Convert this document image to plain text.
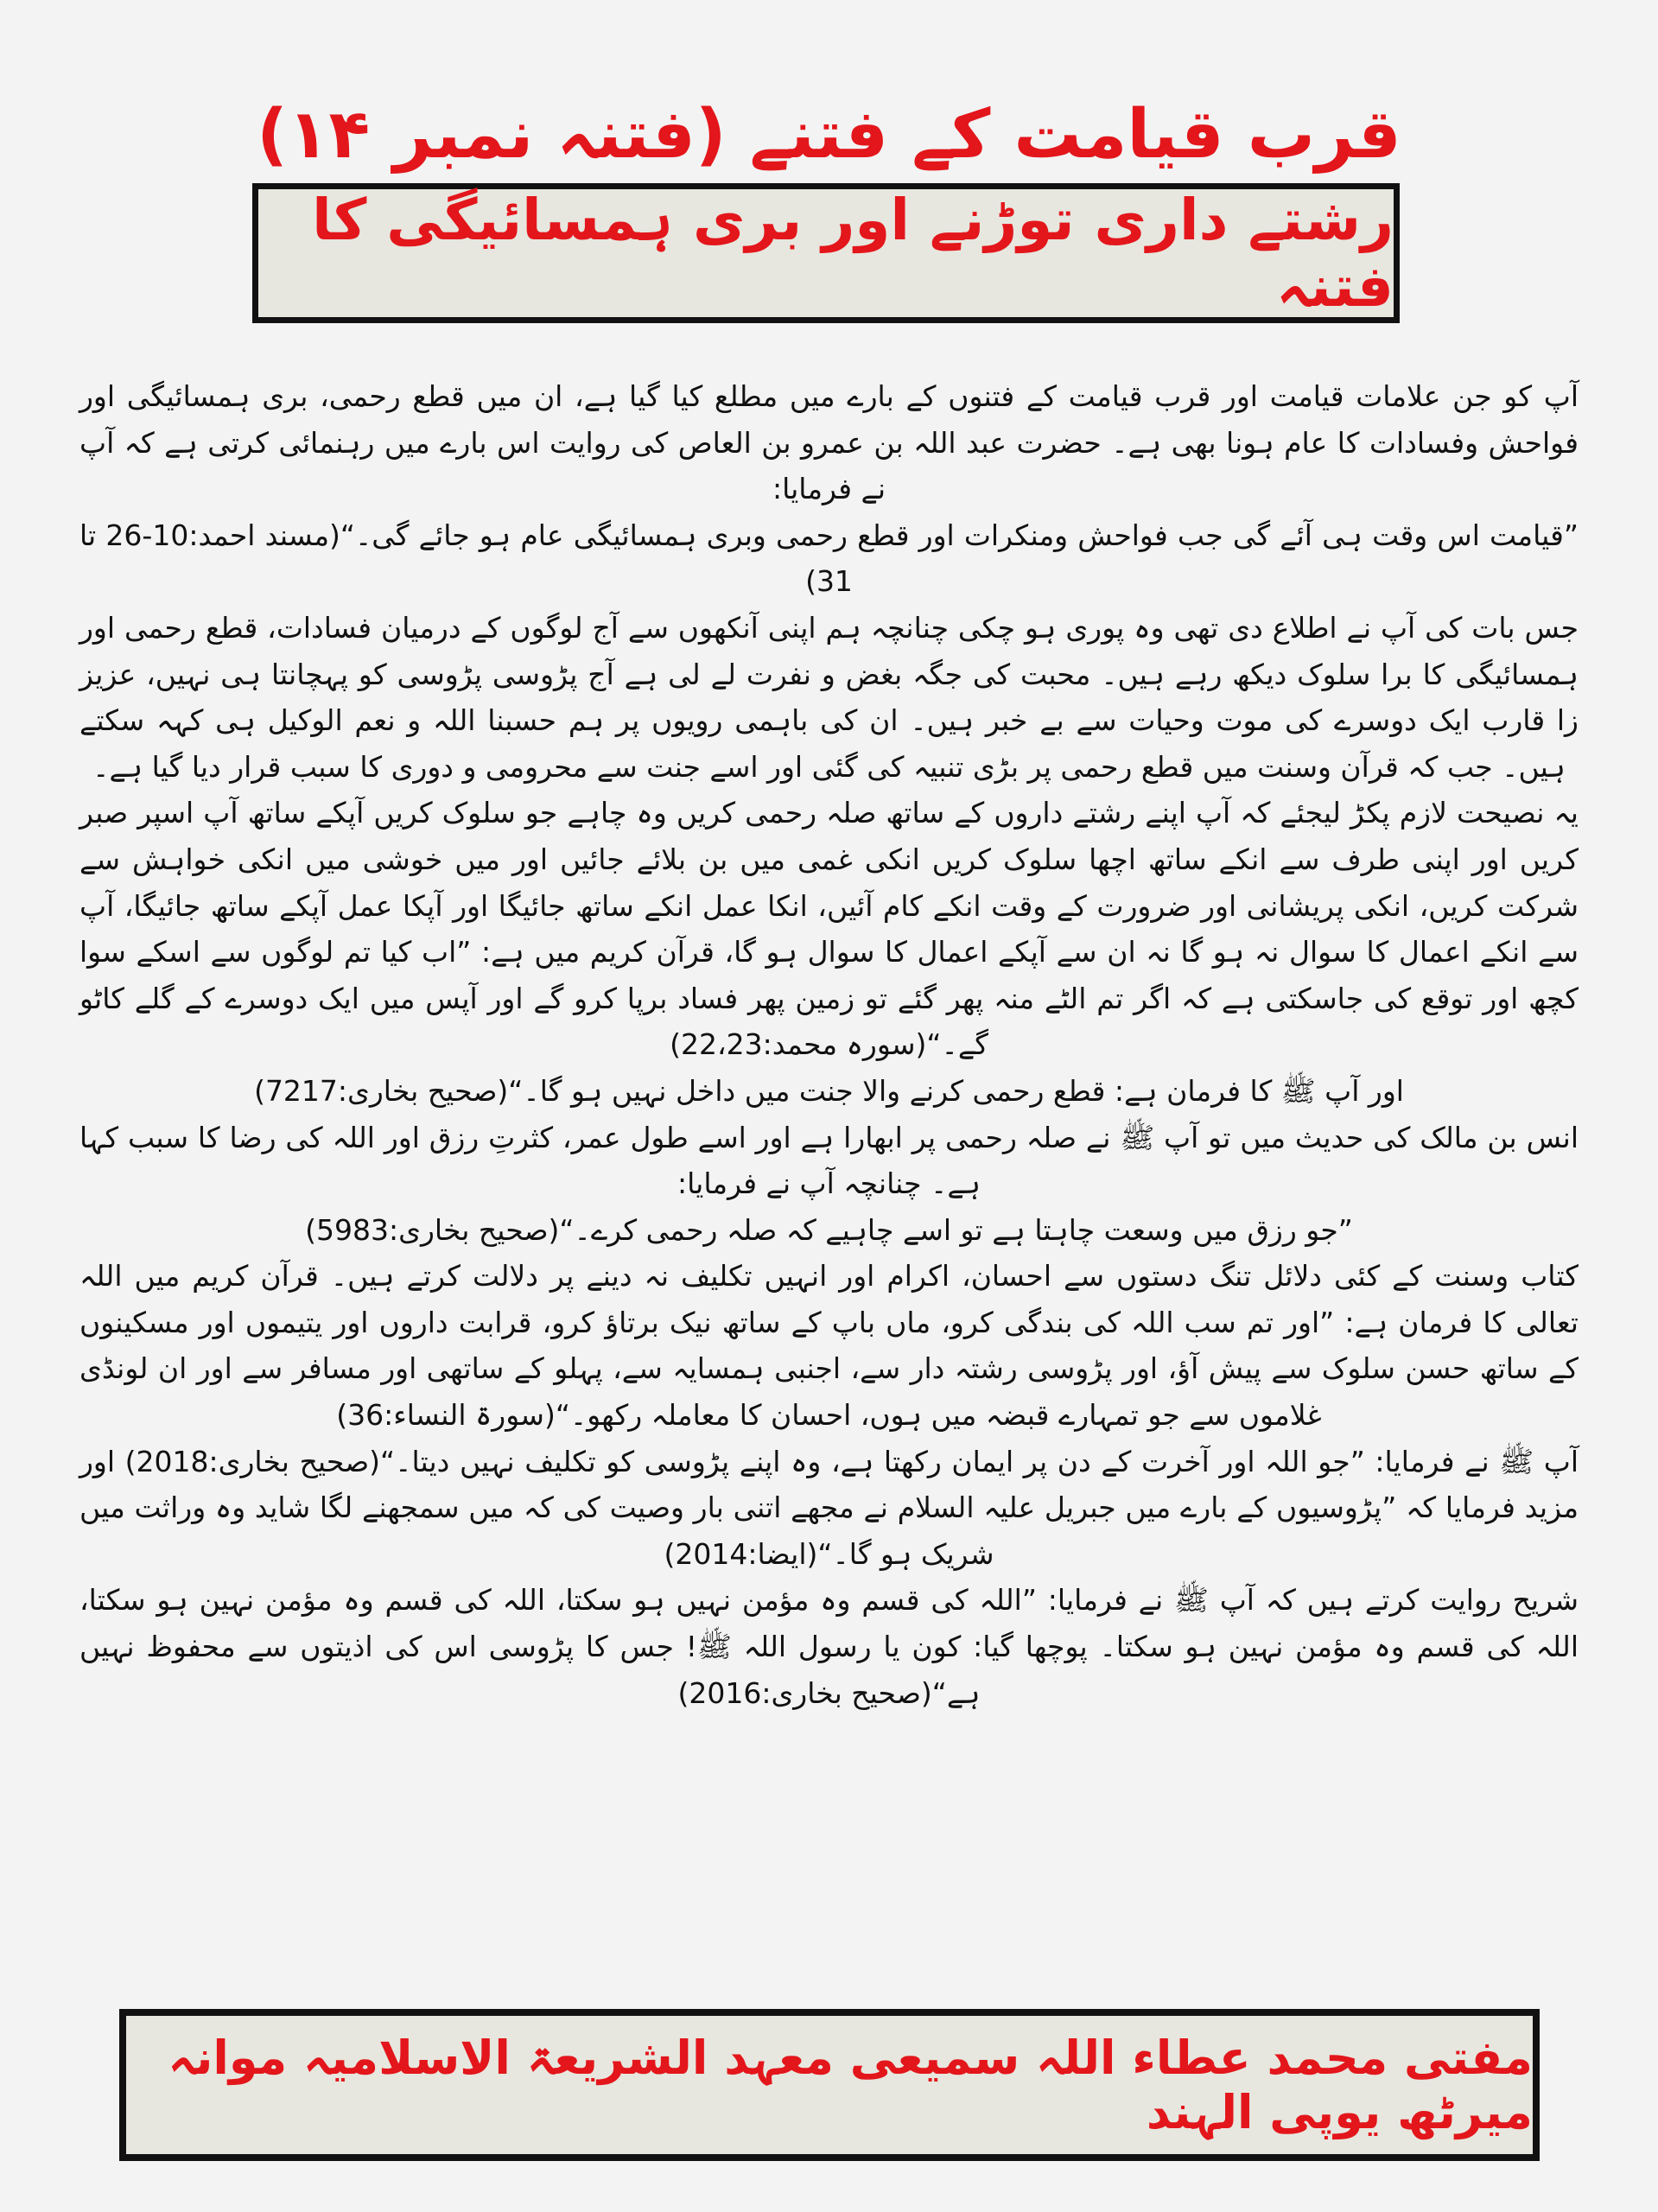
قرب قیامت کے فتنے (فتنہ نمبر ۱۴)
رشتے داری توڑنے اور بری ہمسائیگی کا فتنہ

آپ کو جن علامات قیامت اور قرب قیامت کے فتنوں کے بارے میں مطلع کیا گیا ہے، ان میں قطع رحمی، بری ہمسائیگی اور فواحش وفسادات کا عام ہونا بھی ہے۔ حضرت عبد اللہ بن عمرو بن العاص کی روایت اس بارے میں رہنمائی کرتی ہے کہ آپ نے فرمایا:

”قیامت اس وقت ہی آئے گی جب فواحش ومنکرات اور قطع رحمی وبری ہمسائیگی عام ہو جائے گی۔“(مسند احمد:10-26 تا 31)

جس بات کی آپ نے اطلاع دی تھی وہ پوری ہو چکی چنانچہ ہم اپنی آنکھوں سے آج لوگوں کے درمیان فسادات، قطع رحمی اور ہمسائیگی کا برا سلوک دیکھ رہے ہیں۔ محبت کی جگہ بغض و نفرت لے لی ہے آج پڑوسی پڑوسی کو پہچانتا ہی نہیں، عزیز زا قارب ایک دوسرے کی موت وحیات سے بے خبر ہیں۔ ان کی باہمی رویوں پر ہم حسبنا اللہ و نعم الوکیل ہی کہہ سکتے ہیں۔ جب کہ قرآن وسنت میں قطع رحمی پر بڑی تنبیہ کی گئی اور اسے جنت سے محرومی و دوری کا سبب قرار دیا گیا ہے۔

یہ نصیحت لازم پکڑ لیجئے کہ آپ اپنے رشتے داروں کے ساتھ صلہ رحمی کریں وہ چاہے جو سلوک کریں آپکے ساتھ آپ اسپر صبر کریں اور اپنی طرف سے انکے ساتھ اچھا سلوک کریں انکی غمی میں بن بلائے جائیں اور میں خوشی میں انکی خواہش سے شرکت کریں، انکی پریشانی اور ضرورت کے وقت انکے کام آئیں، انکا عمل انکے ساتھ جائیگا اور آپکا عمل آپکے ساتھ جائیگا، آپ سے انکے اعمال کا سوال نہ ہو گا نہ ان سے آپکے اعمال کا سوال ہو گا، قرآن کریم میں ہے: ”اب کیا تم لوگوں سے اسکے سوا کچھ اور توقع کی جاسکتی ہے کہ اگر تم الٹے منہ پھر گئے تو زمین پھر فساد برپا کرو گے اور آپس میں ایک دوسرے کے گلے کاٹو گے۔“(سورہ محمد:22،23)

اور آپ ﷺ کا فرمان ہے: قطع رحمی کرنے والا جنت میں داخل نہیں ہو گا۔“(صحیح بخاری:7217)

انس بن مالک کی حدیث میں تو آپ ﷺ نے صلہ رحمی پر ابھارا ہے اور اسے طول عمر، کثرتِ رزق اور اللہ کی رضا کا سبب کہا ہے۔ چنانچہ آپ نے فرمایا:

”جو رزق میں وسعت چاہتا ہے تو اسے چاہیے کہ صلہ رحمی کرے۔“(صحیح بخاری:5983)

کتاب وسنت کے کئی دلائل تنگ دستوں سے احسان، اکرام اور انہیں تکلیف نہ دینے پر دلالت کرتے ہیں۔ قرآن کریم میں اللہ تعالی کا فرمان ہے: ”اور تم سب اللہ کی بندگی کرو، ماں باپ کے ساتھ نیک برتاؤ کرو، قرابت داروں اور یتیموں اور مسکینوں کے ساتھ حسن سلوک سے پیش آؤ، اور پڑوسی رشتہ دار سے، اجنبی ہمسایہ سے، پہلو کے ساتھی اور مسافر سے اور ان لونڈی غلاموں سے جو تمہارے قبضہ میں ہوں، احسان کا معاملہ رکھو۔“(سورۃ النساء:36)

آپ ﷺ نے فرمایا: ”جو اللہ اور آخرت کے دن پر ایمان رکھتا ہے، وہ اپنے پڑوسی کو تکلیف نہیں دیتا۔“(صحیح بخاری:2018) اور مزید فرمایا کہ ”پڑوسیوں کے بارے میں جبریل علیہ السلام نے مجھے اتنی بار وصیت کی کہ میں سمجھنے لگا شاید وہ وراثت میں شریک ہو گا۔“(ایضا:2014)

شریح روایت کرتے ہیں کہ آپ ﷺ نے فرمایا: ”اللہ کی قسم وہ مؤمن نہیں ہو سکتا، اللہ کی قسم وہ مؤمن نہین ہو سکتا، اللہ کی قسم وہ مؤمن نہین ہو سکتا۔ پوچھا گیا: کون یا رسول اللہ ﷺ! جس کا پڑوسی اس کی اذیتوں سے محفوظ نہیں ہے“(صحیح بخاری:2016)

مفتی محمد عطاء اللہ سمیعی معہد الشریعۃ الاسلامیہ موانہ میرٹھ یوپی الہند
